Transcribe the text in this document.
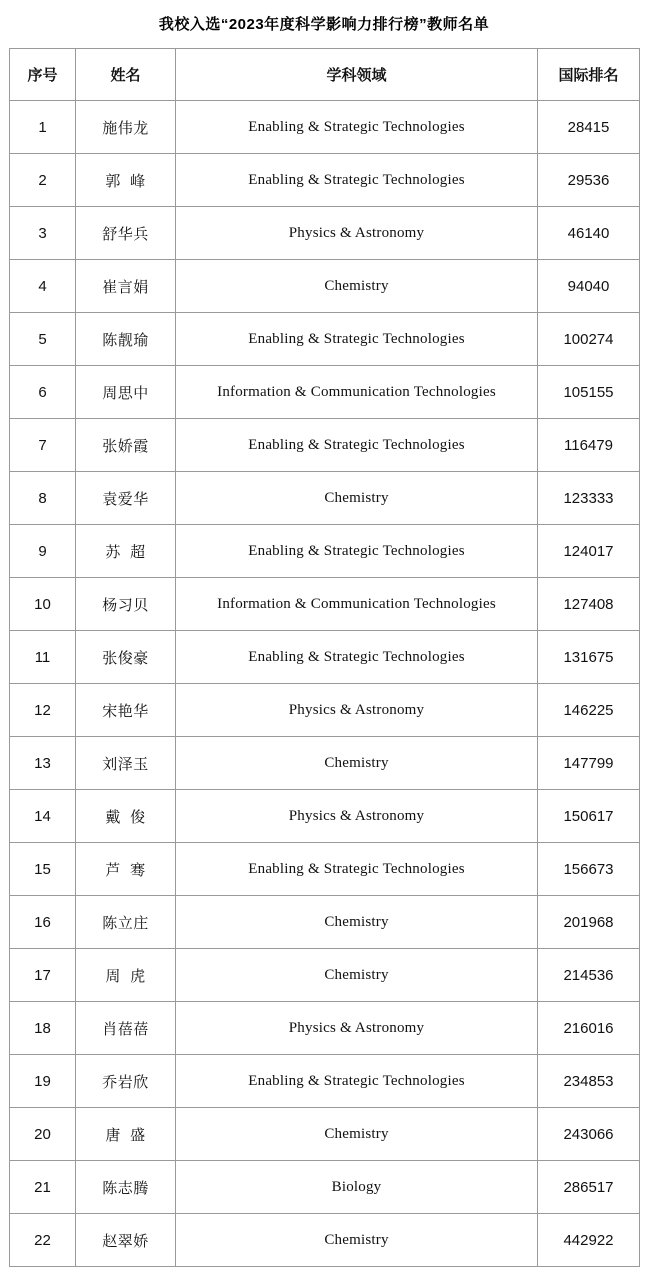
我校入选“2023年度科学影响力排行榜”教师名单
序号	姓名	学科领域	国际排名
1	施伟龙	Enabling & Strategic Technologies	28415
2	郭  峰	Enabling & Strategic Technologies	29536
3	舒华兵	Physics & Astronomy	46140
4	崔言娟	Chemistry	94040
5	陈靓瑜	Enabling & Strategic Technologies	100274
6	周思中	Information & Communication Technologies	105155
7	张娇霞	Enabling & Strategic Technologies	116479
8	袁爱华	Chemistry	123333
9	苏  超	Enabling & Strategic Technologies	124017
10	杨习贝	Information & Communication Technologies	127408
11	张俊豪	Enabling & Strategic Technologies	131675
12	宋艳华	Physics & Astronomy	146225
13	刘泽玉	Chemistry	147799
14	戴  俊	Physics & Astronomy	150617
15	芦  骞	Enabling & Strategic Technologies	156673
16	陈立庄	Chemistry	201968
17	周  虎	Chemistry	214536
18	肖蓓蓓	Physics & Astronomy	216016
19	乔岩欣	Enabling & Strategic Technologies	234853
20	唐  盛	Chemistry	243066
21	陈志腾	Biology	286517
22	赵翠娇	Chemistry	442922
